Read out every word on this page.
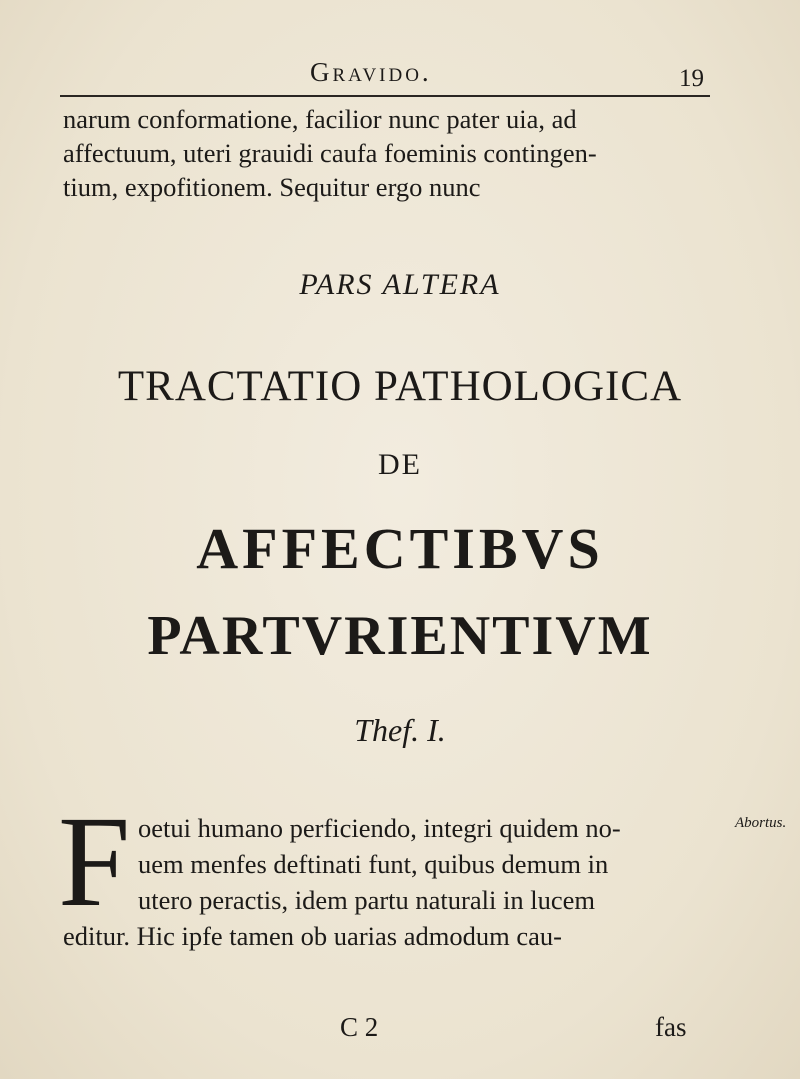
Gravido.	19
narum conformatione, facilior nunc pater uia, ad
affectuum, uteri grauidi caufa foeminis contingen-
tium, expofitionem. Sequitur ergo nunc
PARS ALTERA
TRACTATIO PATHOLOGICA
DE
AFFECTIBVS
PARTVRIENTIVM
Thef. I.
F oetui humano perficiendo, integri quidem no-	Abortus.
uem menfes deftinati funt, quibus demum in
utero peractis, idem partu naturali in lucem
editur. Hic ipfe tamen ob uarias admodum cau-
C 2	fas
